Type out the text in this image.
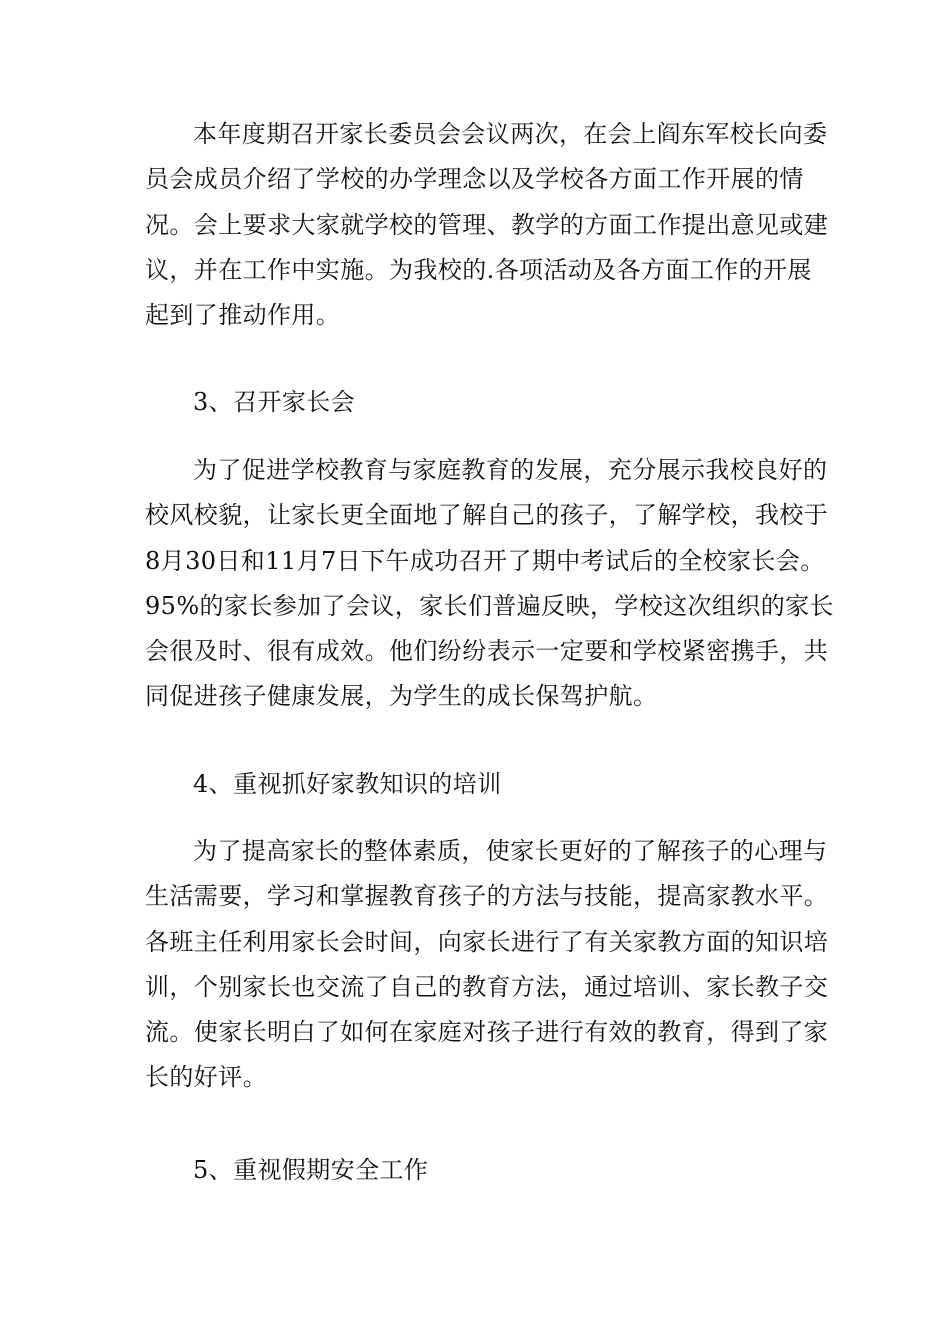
本年度期召开家长委员会会议两次，在会上阎东军校长向委
员会成员介绍了学校的办学理念以及学校各方面工作开展的情
况。会上要求大家就学校的管理、教学的方面工作提出意见或建
议，并在工作中实施。为我校的.各项活动及各方面工作的开展
起到了推动作用。
3、召开家长会
为了促进学校教育与家庭教育的发展，充分展示我校良好的
校风校貌，让家长更全面地了解自己的孩子，了解学校，我校于
8月30日和11月7日下午成功召开了期中考试后的全校家长会。
95%的家长参加了会议，家长们普遍反映，学校这次组织的家长
会很及时、很有成效。他们纷纷表示一定要和学校紧密携手，共
同促进孩子健康发展，为学生的成长保驾护航。
4、重视抓好家教知识的培训
为了提高家长的整体素质，使家长更好的了解孩子的心理与
生活需要，学习和掌握教育孩子的方法与技能，提高家教水平。
各班主任利用家长会时间，向家长进行了有关家教方面的知识培
训，个别家长也交流了自己的教育方法，通过培训、家长教子交
流。使家长明白了如何在家庭对孩子进行有效的教育，得到了家
长的好评。
5、重视假期安全工作
